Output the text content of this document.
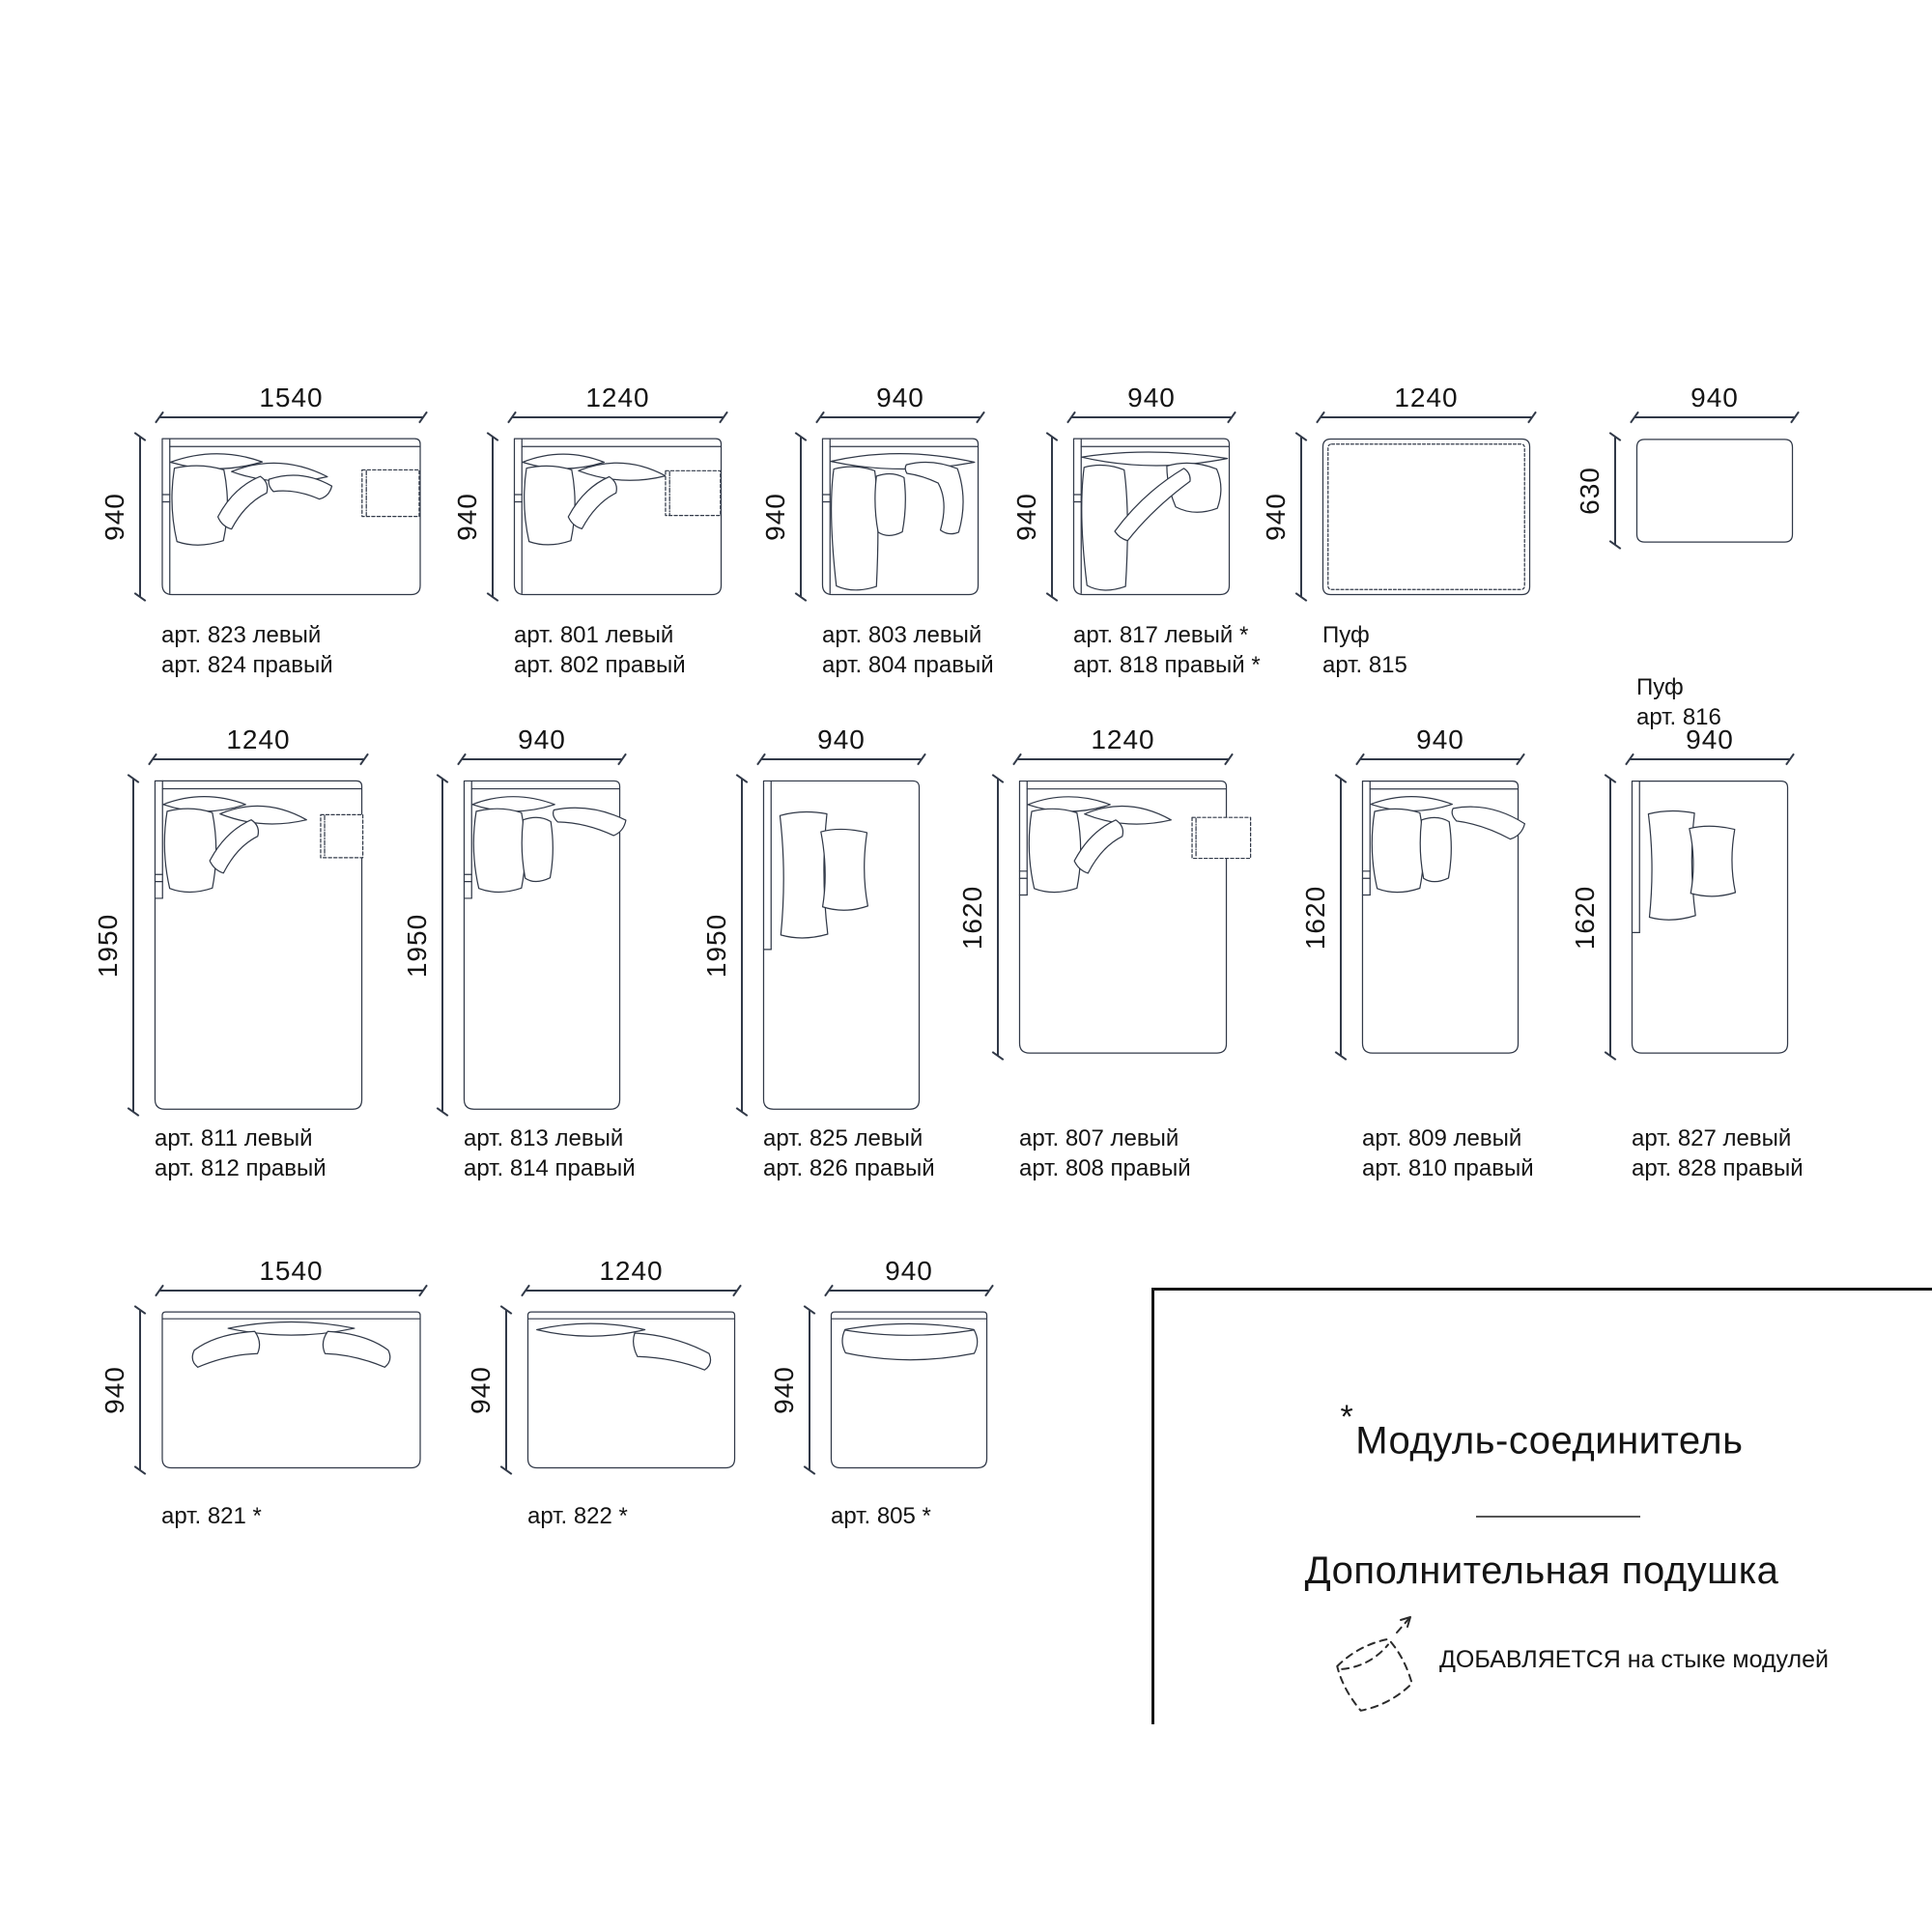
1540
940
арт. 823 левый
арт. 824 правый
1240
940
арт. 801 левый
арт. 802 правый
940
940
арт. 803 левый
арт. 804 правый
940
940
арт. 817 левый *
арт. 818 правый *
1240
940
Пуф
арт. 815
940
630
Пуф
арт. 816
1240
1950
арт. 811 левый
арт. 812 правый
940
1950
арт. 813 левый
арт. 814 правый
940
1950
арт. 825 левый
арт. 826 правый
1240
1620
арт. 807 левый
арт. 808 правый
940
1620
арт. 809 левый
арт. 810 правый
940
1620
арт. 827 левый
арт. 828 правый
1540
940
арт. 821 *
1240
940
арт. 822 *
940
940
арт. 805 *
*Модуль-соединитель
Дополнительная подушка
ДОБАВЛЯЕТСЯ на стыке модулей
